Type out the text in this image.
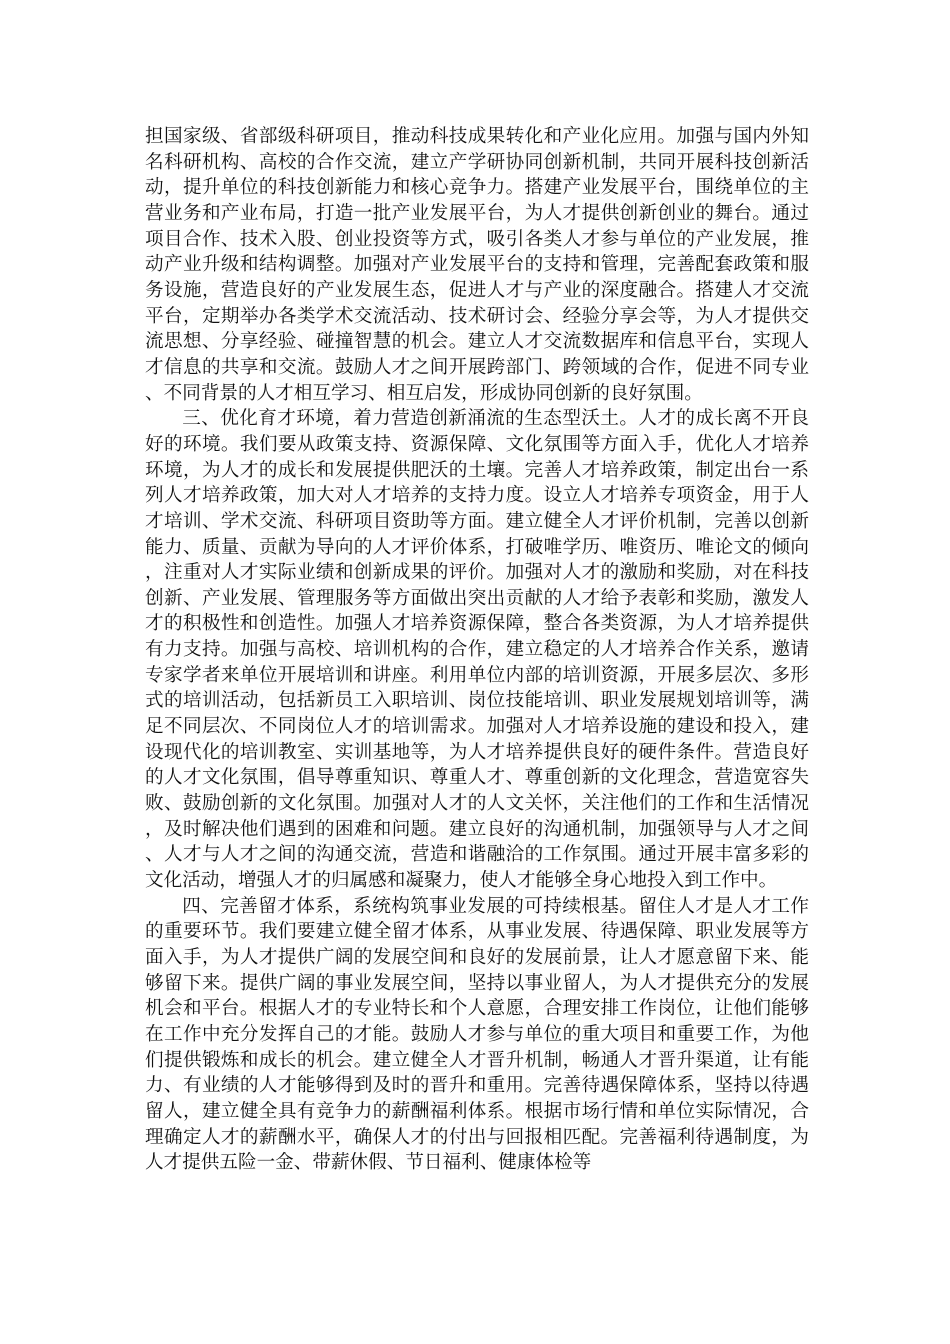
担国家级、省部级科研项目，推动科技成果转化和产业化应用。加强与国内外知名科研机构、高校的合作交流，建立产学研协同创新机制，共同开展科技创新活动，提升单位的科技创新能力和核心竞争力。搭建产业发展平台，围绕单位的主营业务和产业布局，打造一批产业发展平台，为人才提供创新创业的舞台。通过项目合作、技术入股、创业投资等方式，吸引各类人才参与单位的产业发展，推动产业升级和结构调整。加强对产业发展平台的支持和管理，完善配套政策和服务设施，营造良好的产业发展生态，促进人才与产业的深度融合。搭建人才交流平台，定期举办各类学术交流活动、技术研讨会、经验分享会等，为人才提供交流思想、分享经验、碰撞智慧的机会。建立人才交流数据库和信息平台，实现人才信息的共享和交流。鼓励人才之间开展跨部门、跨领域的合作，促进不同专业、不同背景的人才相互学习、相互启发，形成协同创新的良好氛围。

三、优化育才环境，着力营造创新涌流的生态型沃土。人才的成长离不开良好的环境。我们要从政策支持、资源保障、文化氛围等方面入手，优化人才培养环境，为人才的成长和发展提供肥沃的土壤。完善人才培养政策，制定出台一系列人才培养政策，加大对人才培养的支持力度。设立人才培养专项资金，用于人才培训、学术交流、科研项目资助等方面。建立健全人才评价机制，完善以创新能力、质量、贡献为导向的人才评价体系，打破唯学历、唯资历、唯论文的倾向，注重对人才实际业绩和创新成果的评价。加强对人才的激励和奖励，对在科技创新、产业发展、管理服务等方面做出突出贡献的人才给予表彰和奖励，激发人才的积极性和创造性。加强人才培养资源保障，整合各类资源，为人才培养提供有力支持。加强与高校、培训机构的合作，建立稳定的人才培养合作关系，邀请专家学者来单位开展培训和讲座。利用单位内部的培训资源，开展多层次、多形式的培训活动，包括新员工入职培训、岗位技能培训、职业发展规划培训等，满足不同层次、不同岗位人才的培训需求。加强对人才培养设施的建设和投入，建设现代化的培训教室、实训基地等，为人才培养提供良好的硬件条件。营造良好的人才文化氛围，倡导尊重知识、尊重人才、尊重创新的文化理念，营造宽容失败、鼓励创新的文化氛围。加强对人才的人文关怀，关注他们的工作和生活情况，及时解决他们遇到的困难和问题。建立良好的沟通机制，加强领导与人才之间、人才与人才之间的沟通交流，营造和谐融洽的工作氛围。通过开展丰富多彩的文化活动，增强人才的归属感和凝聚力，使人才能够全身心地投入到工作中。

四、完善留才体系，系统构筑事业发展的可持续根基。留住人才是人才工作的重要环节。我们要建立健全留才体系，从事业发展、待遇保障、职业发展等方面入手，为人才提供广阔的发展空间和良好的发展前景，让人才愿意留下来、能够留下来。提供广阔的事业发展空间，坚持以事业留人，为人才提供充分的发展机会和平台。根据人才的专业特长和个人意愿，合理安排工作岗位，让他们能够在工作中充分发挥自己的才能。鼓励人才参与单位的重大项目和重要工作，为他们提供锻炼和成长的机会。建立健全人才晋升机制，畅通人才晋升渠道，让有能力、有业绩的人才能够得到及时的晋升和重用。完善待遇保障体系，坚持以待遇留人，建立健全具有竞争力的薪酬福利体系。根据市场行情和单位实际情况，合理确定人才的薪酬水平，确保人才的付出与回报相匹配。完善福利待遇制度，为人才提供五险一金、带薪休假、节日福利、健康体检等
